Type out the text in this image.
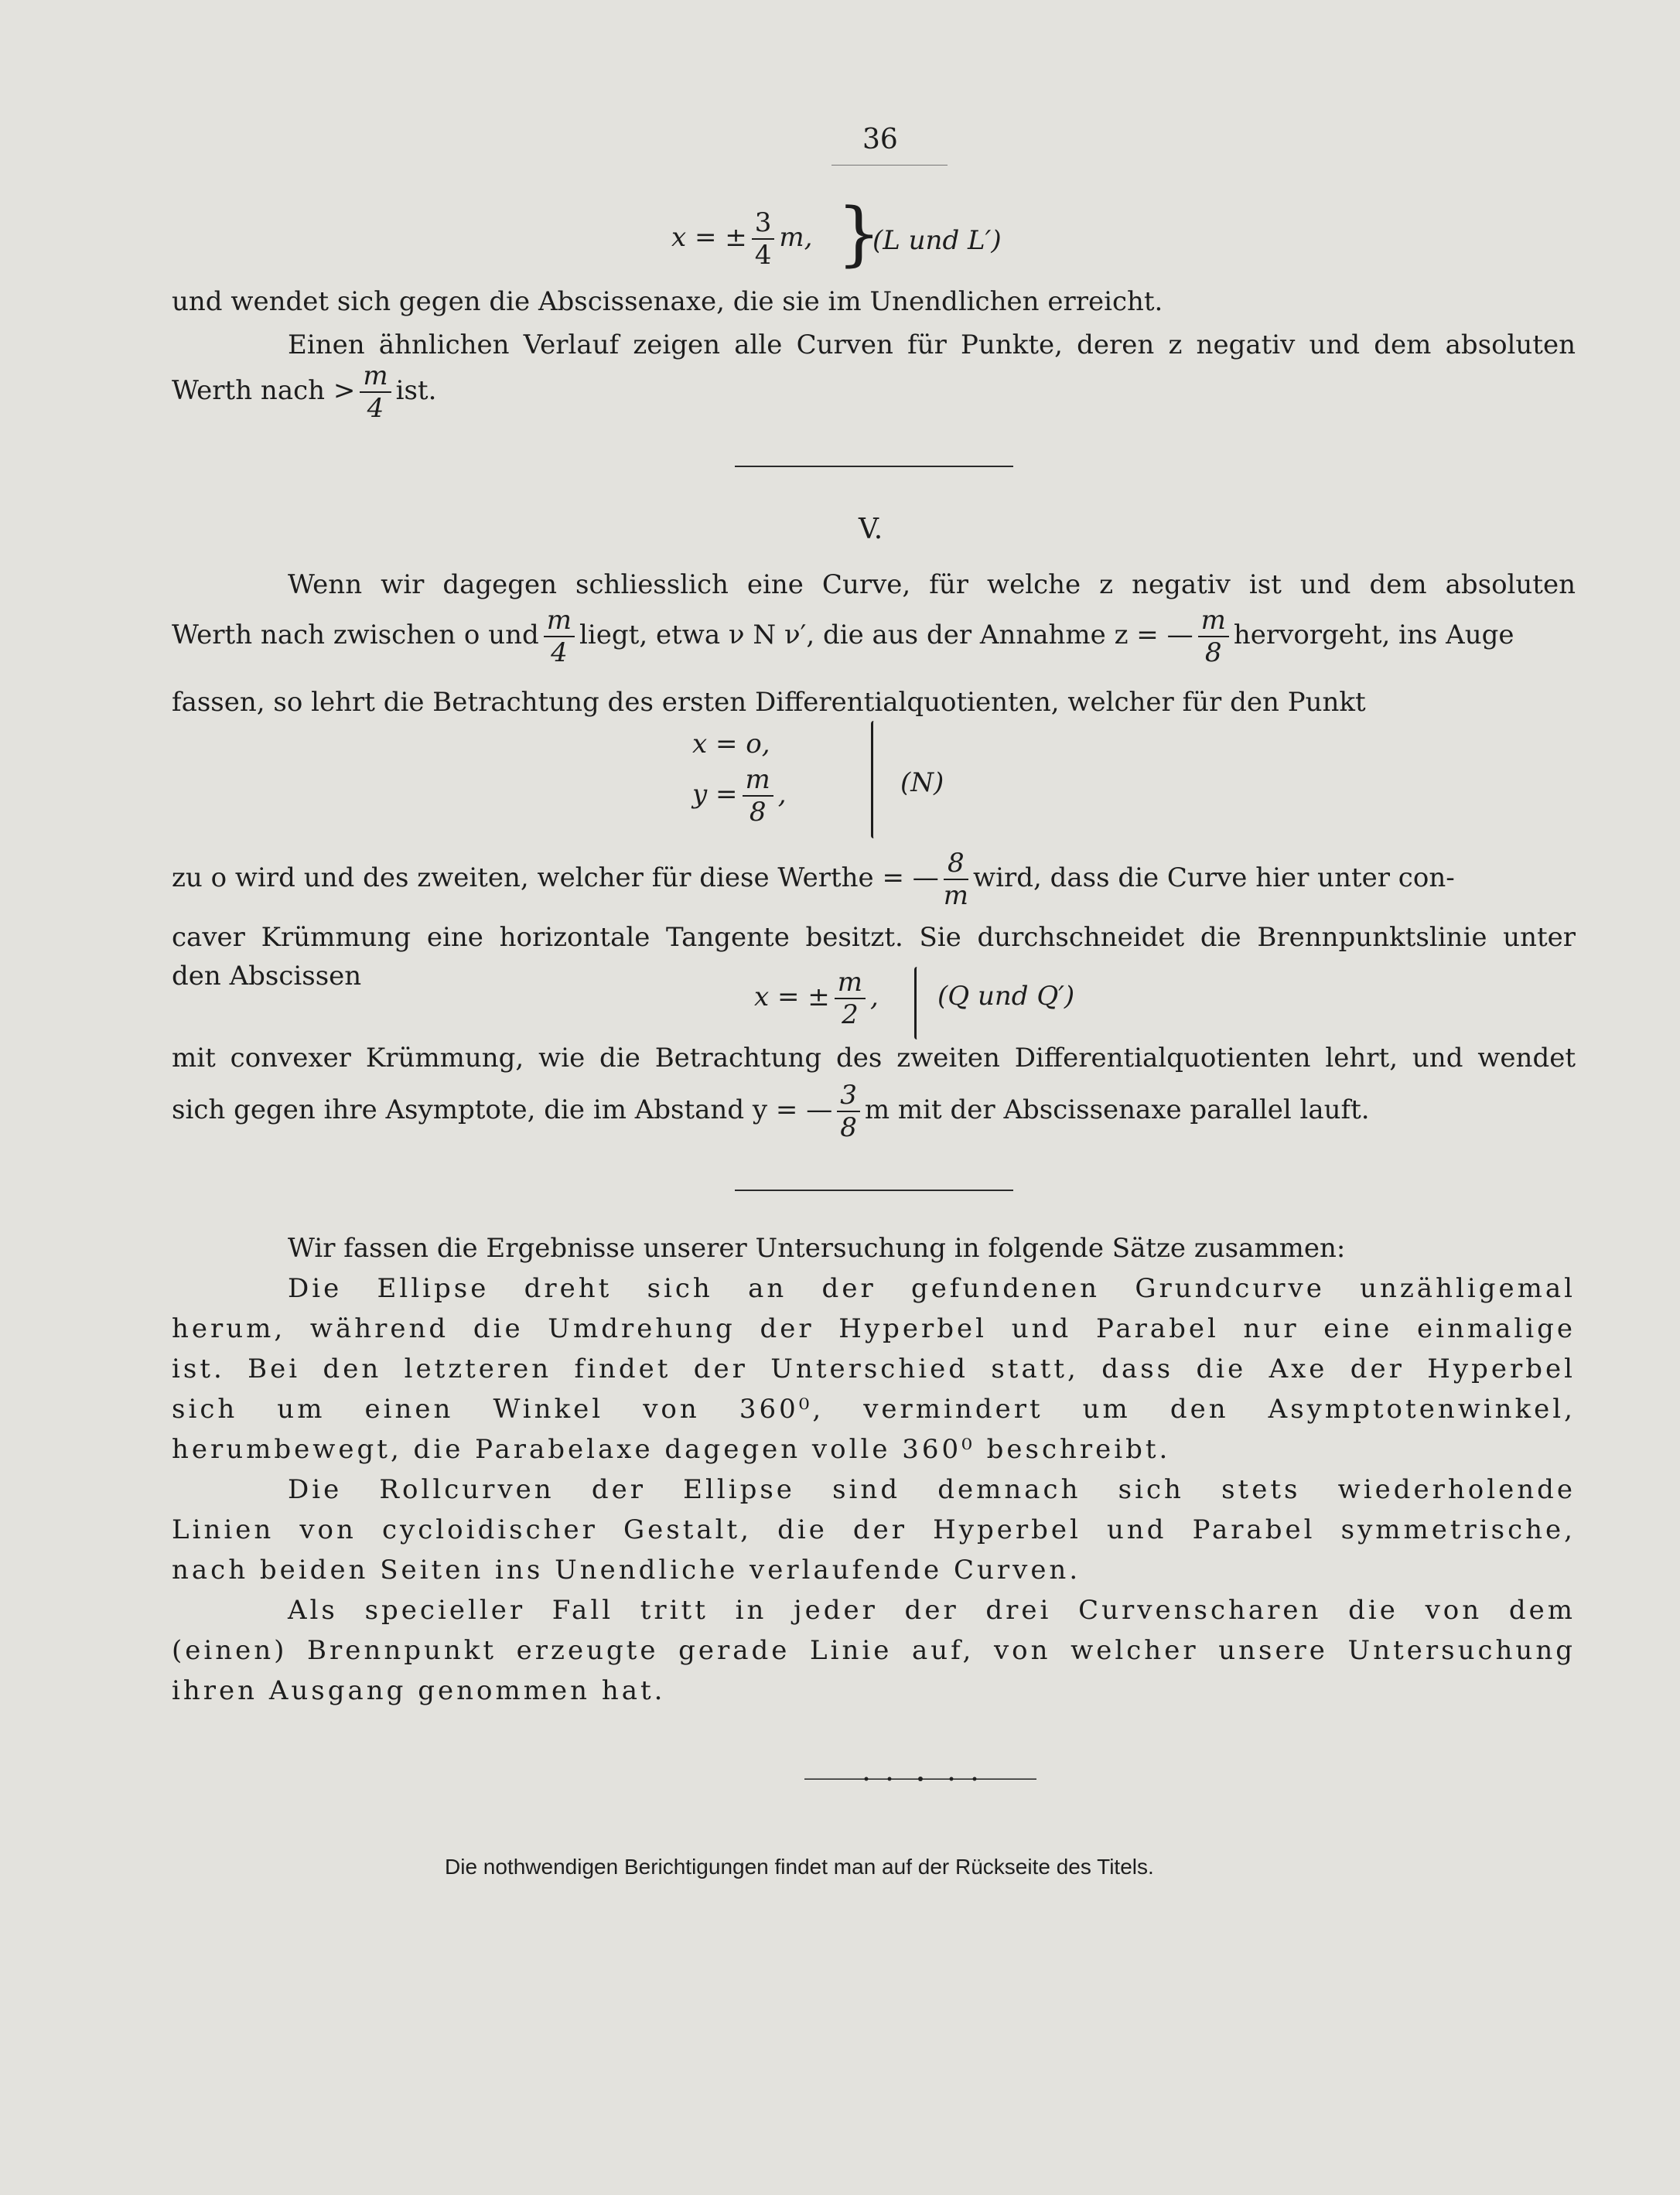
36
x = ± $\frac{3}{4} m$, }
(L und L′)
und wendet sich gegen die Abscissenaxe, die sie im Unendlichen erreicht.
Einen ähnlichen Verlauf zeigen alle Curven für Punkte, deren z negativ und dem absoluten
Werth nach > $\frac{m}{4}$ ist.
V.
Wenn wir dagegen schliesslich eine Curve, für welche z negativ ist und dem absoluten
Werth nach zwischen o und $\frac{m}{4}$ liegt, etwa ν N ν′, die aus der Annahme z = — $\frac{m}{8}$ hervorgeht, ins Auge
fassen, so lehrt die Betrachtung des ersten Differentialquotienten, welcher für den Punkt
x = o,
$y = \frac{m}{8}$ ,	(N)
zu o wird und des zweiten, welcher für diese Werthe = — $\frac{8}{m}$ wird, dass die Curve hier unter con-
caver Krümmung eine horizontale Tangente besitzt. Sie durchschneidet die Brennpunktslinie unter
den Abscissen
x = ± $\frac{m}{2}$ , (Q und Q′)
mit convexer Krümmung, wie die Betrachtung des zweiten Differentialquotienten lehrt, und wendet
sich gegen ihre Asymptote, die im Abstand y = — $\frac{3}{8}$ m mit der Abscissenaxe parallel lauft.
Wir fassen die Ergebnisse unserer Untersuchung in folgende Sätze zusammen:
Die Ellipse dreht sich an der gefundenen Grundcurve unzähligemal
herum, während die Umdrehung der Hyperbel und Parabel nur eine einmalige
ist. Bei den letzteren findet der Unterschied statt, dass die Axe der Hyperbel
sich um einen Winkel von 360⁰, vermindert um den Asymptotenwinkel,
herumbewegt, die Parabelaxe dagegen volle 360⁰ beschreibt.
Die Rollcurven der Ellipse sind demnach sich stets wiederholende
Linien von cycloidischer Gestalt, die der Hyperbel und Parabel symmetrische,
nach beiden Seiten ins Unendliche verlaufende Curven.
Als specieller Fall tritt in jeder der drei Curvenscharen die von dem
(einen) Brennpunkt erzeugte gerade Linie auf, von welcher unsere Untersuchung
ihren Ausgang genommen hat.
Die nothwendigen Berichtigungen findet man auf der Rückseite des Titels.
